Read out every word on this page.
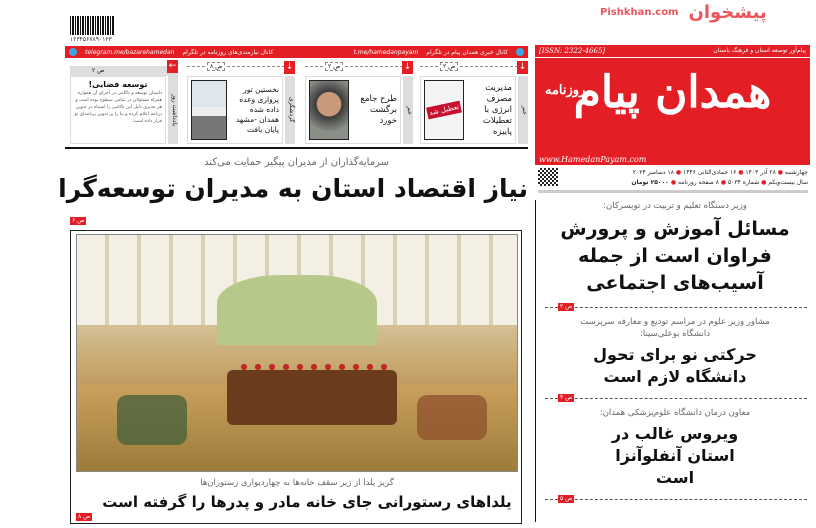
۱۲۳۴۵۶۷۸۹۰۱۲۳
کانال خبری همدان پیام در تلگرام
t.me/hamedanpayam
کانال نیازمندی‌های روزنامه در تلگرام
telegram.me/bazarehamedan
↓
ص ۲
خبر
مدیریت مصرف انرژی با تعطیلات پاییزه
تعطیل شد
↓
ص ۲
خبر
طرح جامع برگشت خورد
↓
ص ۸
گردشگری
نخستین تور پروازی وعده داده شده همدان -مشهد پایان یافت
←
ص ۲
یادداشت روز
توسعه فضایی!
داستان توسعه و ناکامی در اجرای آن همواره همراه مسئولان در تمامی سطوح بوده است و هر مدیری دلیل این ناکامی را اشتباه در تدوین برنامه اعلام کرده و بنا را بر تدوین برنامه‌ای نو قرار داده است.
سرمایه‌گذاران از مدیران پیگیر حمایت می‌کند
نیاز اقتصاد استان به مدیران توسعه‌گرا
ص ۶
گریز یلدا از زیر سقف خانه‌ها به چهاردیواری رستوران‌ها
یلداهای رستورانی جای خانه مادر و پدرها را گرفته است
ص ۸
پیام‌آور توسعه استان و فرهنگ باستان
[ISSN: 2322-4665]
همدان پیام
روزنامه
www.HamedanPayam.com
چهارشنبه ● ۲۸ آذر ۱۴۰۳ ● ۱۶ جمادی‌الثانی ۱۴۴۶ ● ۱۸ دسامبر ۲۰۲۴
سال بیست‌ویکم ● شماره ۵۰۳۴ ● ۸ صفحه روزنامه ● ۲۵۰۰۰ تومان
وزیر دستگاه تعلیم و تربیت در تویسرکان:
مسائل آموزش و پرورش فراوان است از جمله آسیب‌های اجتماعی
ص ۲
مشاور وزیر علوم در مراسم تودیع و معارفه سرپرست دانشگاه بوعلی‌سینا:
حرکتی نو برای تحول دانشگاه لازم است
ص ۴
معاون درمان دانشگاه علوم‌پزشکی همدان:
ویروس غالب در استان آنفلوآنزا است
ص ۵
پیشخوان
Pishkhan.com
